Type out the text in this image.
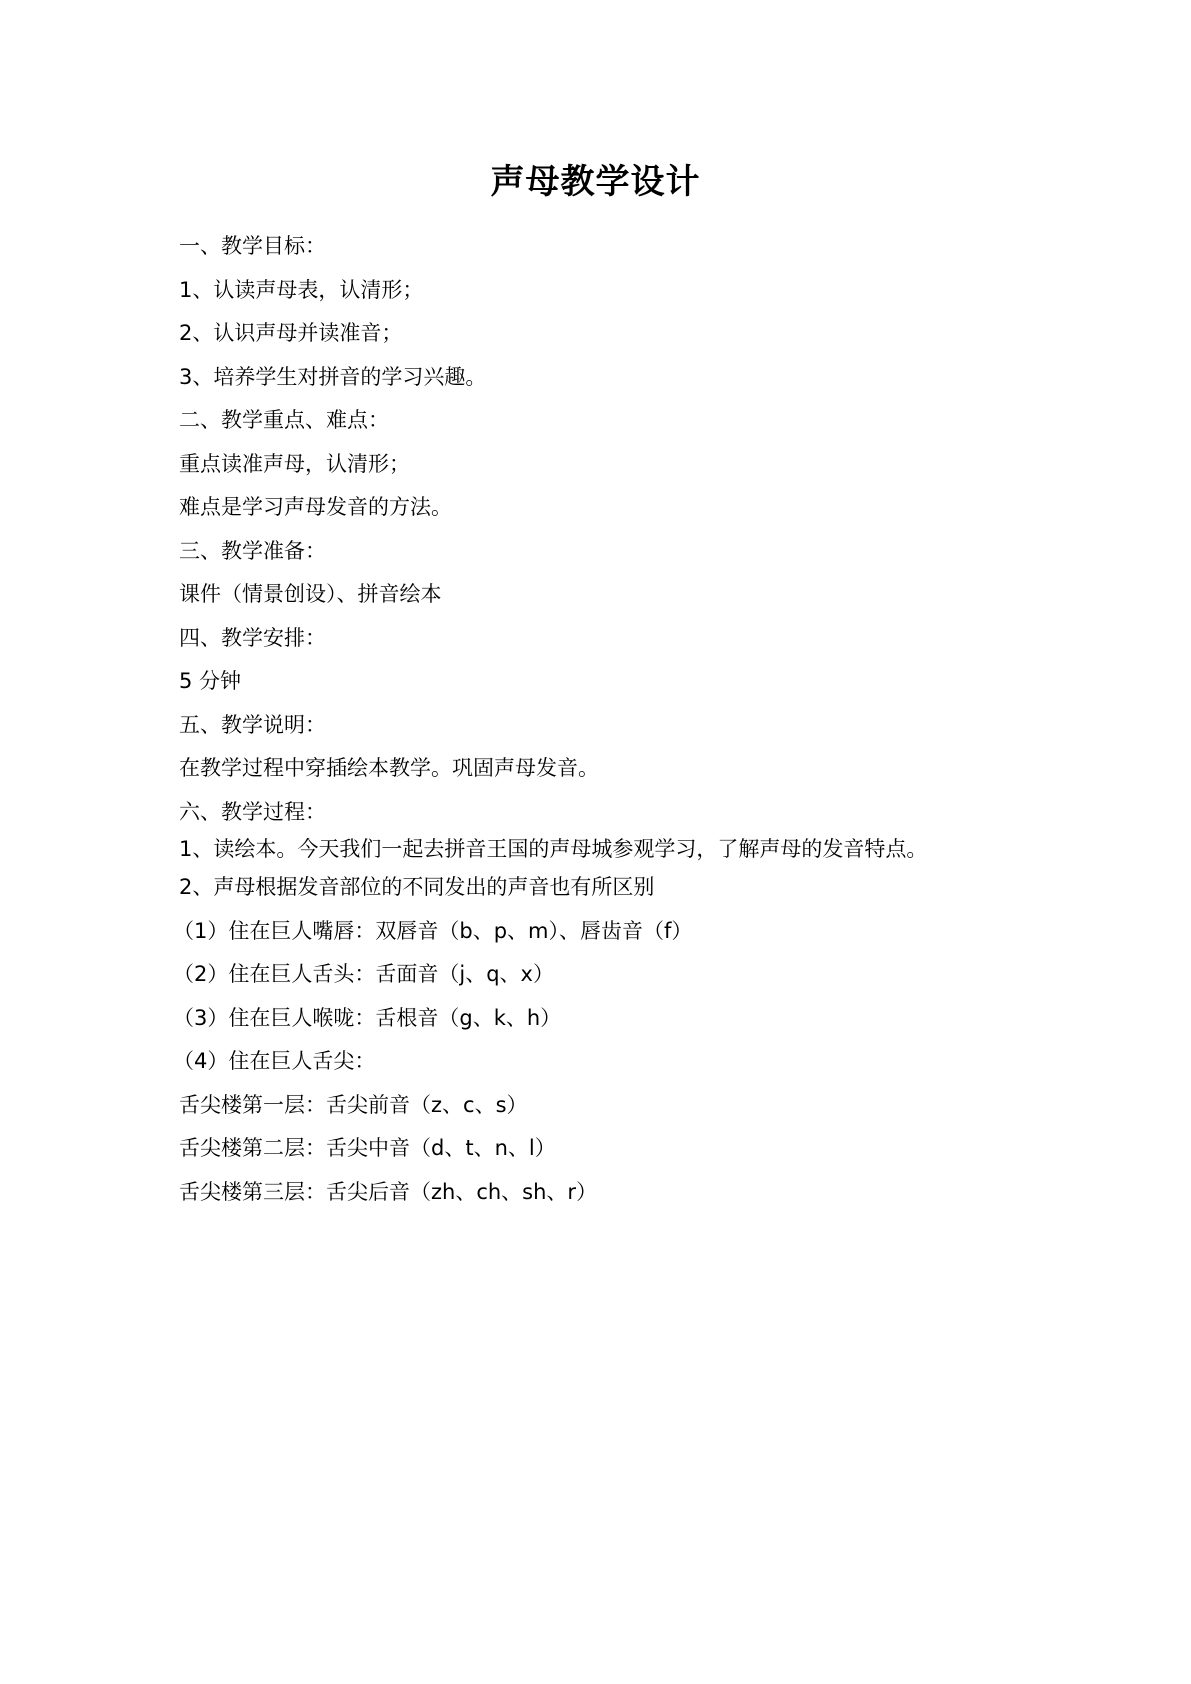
声母教学设计
一、教学目标：
1、认读声母表，认清形；
2、认识声母并读准音；
3、培养学生对拼音的学习兴趣。
二、教学重点、难点：
重点读准声母，认清形；
难点是学习声母发音的方法。
三、教学准备：
课件（情景创设）、拼音绘本
四、教学安排：
5 分钟
五、教学说明：
在教学过程中穿插绘本教学。巩固声母发音。
六、教学过程：
1、读绘本。今天我们一起去拼音王国的声母城参观学习，了解声母的发音特点。
2、声母根据发音部位的不同发出的声音也有所区别
（1）住在巨人嘴唇：双唇音（b、p、m）、唇齿音（f）
（2）住在巨人舌头：舌面音（j、q、x）
（3）住在巨人喉咙：舌根音（g、k、h）
（4）住在巨人舌尖：
舌尖楼第一层：舌尖前音（z、c、s）
舌尖楼第二层：舌尖中音（d、t、n、l）
舌尖楼第三层：舌尖后音（zh、ch、sh、r）
